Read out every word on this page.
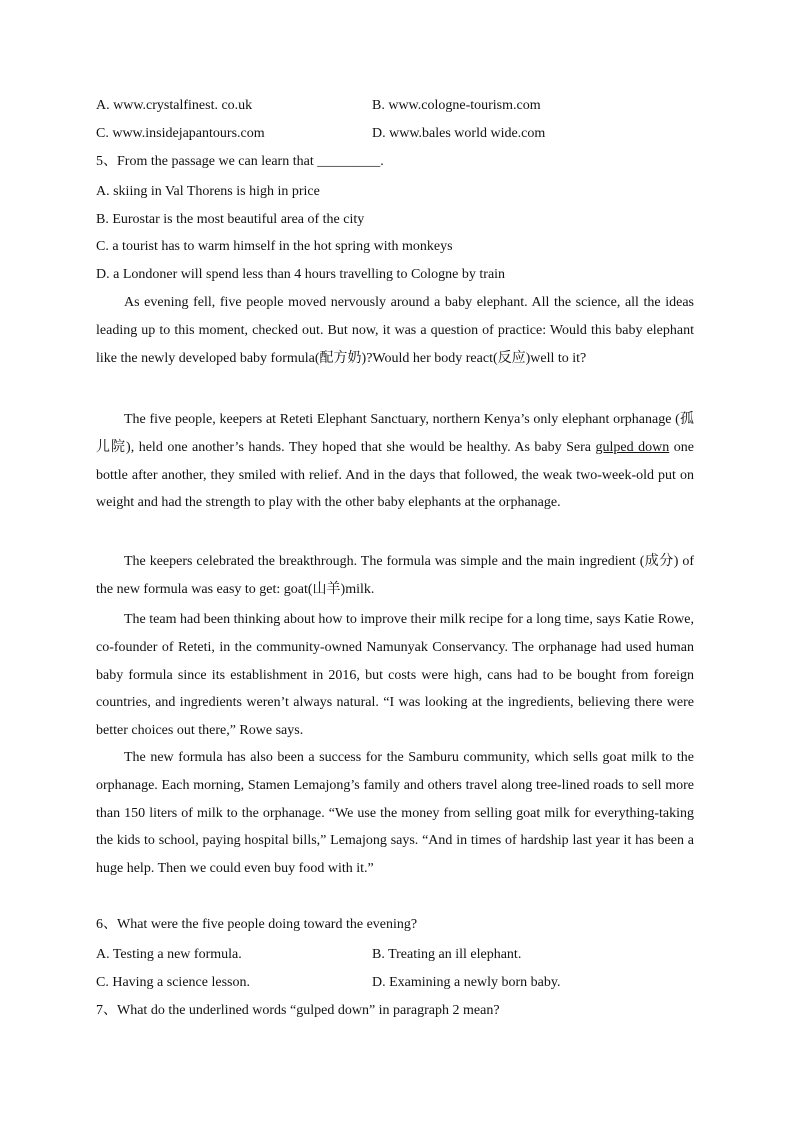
A. www.crystalfinest. co.uk	B. www.cologne-tourism.com
C. www.insidejapantours.com	D. www.bales world wide.com
5、From the passage we can learn that _________.
A. skiing in Val Thorens is high in price
B. Eurostar is the most beautiful area of the city
C. a tourist has to warm himself in the hot spring with monkeys
D. a Londoner will spend less than 4 hours travelling to Cologne by train

As evening fell, five people moved nervously around a baby elephant. All the science, all the ideas leading up to this moment, checked out. But now, it was a question of practice: Would this baby elephant like the newly developed baby formula(配方奶)?Would her body react(反应)well to it?

The five people, keepers at Reteti Elephant Sanctuary, northern Kenya’s only elephant orphanage (孤儿院), held one another’s hands. They hoped that she would be healthy. As baby Sera gulped down one bottle after another, they smiled with relief. And in the days that followed, the weak two-week-old put on weight and had the strength to play with the other baby elephants at the orphanage.

The keepers celebrated the breakthrough. The formula was simple and the main ingredient (成分) of the new formula was easy to get: goat(山羊)milk.

The team had been thinking about how to improve their milk recipe for a long time, says Katie Rowe, co-founder of Reteti, in the community-owned Namunyak Conservancy. The orphanage had used human baby formula since its establishment in 2016, but costs were high, cans had to be bought from foreign countries, and ingredients weren’t always natural. “I was looking at the ingredients, believing there were better choices out there,” Rowe says.

The new formula has also been a success for the Samburu community, which sells goat milk to the orphanage. Each morning, Stamen Lemajong’s family and others travel along tree-lined roads to sell more than 150 liters of milk to the orphanage. “We use the money from selling goat milk for everything-taking the kids to school, paying hospital bills,” Lemajong says. “And in times of hardship last year it has been a huge help. Then we could even buy food with it.”

6、What were the five people doing toward the evening?
A. Testing a new formula.	B. Treating an ill elephant.
C. Having a science lesson.	D. Examining a newly born baby.
7、What do the underlined words “gulped down” in paragraph 2 mean?
